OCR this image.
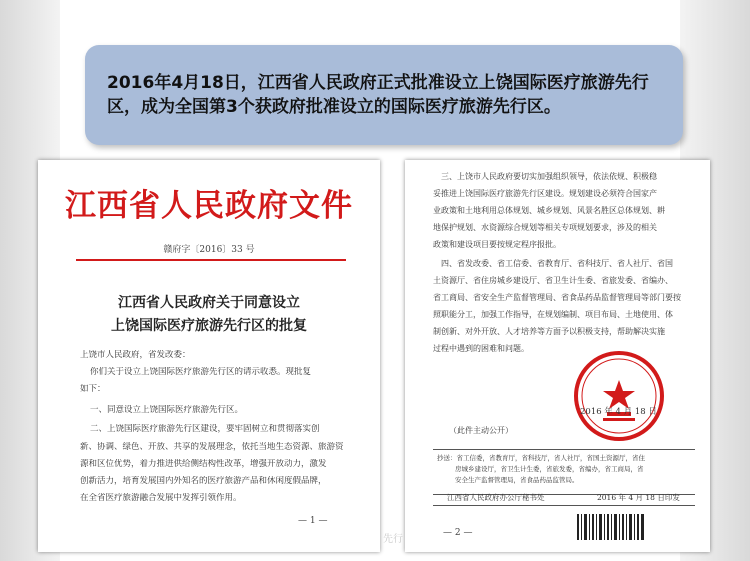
2016年4月18日，江西省人民政府正式批准设立上饶国际医疗旅游先行区，成为全国第3个获政府批准设立的国际医疗旅游先行区。

江西省人民政府文件
赣府字〔2016〕33 号
江西省人民政府关于同意设立
上饶国际医疗旅游先行区的批复
上饶市人民政府，省发改委：
你们关于设立上饶国际医疗旅游先行区的请示收悉。现批复
如下：
一、同意设立上饶国际医疗旅游先行区。
二、上饶国际医疗旅游先行区建设，要牢固树立和贯彻落实创
新、协调、绿色、开放、共享的发展理念，依托当地生态资源、旅游资
源和区位优势，着力推进供给侧结构性改革，增强开放动力，激发
创新活力，培育发展国内外知名的医疗旅游产品和休闲度假品牌，
在全省医疗旅游融合发展中发挥引领作用。
— 1 —
三、上饶市人民政府要切实加强组织领导，依法依规、积极稳
妥推进上饶国际医疗旅游先行区建设。规划建设必须符合国家产
业政策和土地利用总体规划、城乡规划、风景名胜区总体规划、耕
地保护规划、水资源综合规划等相关专项规划要求，涉及的相关
政策和建设项目要按规定程序报批。
四、省发改委、省工信委、省教育厅、省科技厅、省人社厅、省国
土资源厅、省住房城乡建设厅、省卫生计生委、省旅发委、省编办、
省工商局、省安全生产监督管理局、省食品药品监督管理局等部门要按
照职能分工，加强工作指导，在规划编制、项目布局、土地使用、体
制创新、对外开放、人才培养等方面予以积极支持，帮助解决实施
过程中遇到的困难和问题。
2016 年 4 月 18 日
（此件主动公开）
抄送：省工信委，省教育厅，省科技厅，省人社厅，省国土资源厅，省住
房城乡建设厅，省卫生计生委，省旅发委，省编办，省工商局，省
安全生产监督管理局，省食品药品监管局。
江西省人民政府办公厅秘书处	2016 年 4 月 18 日印发
— 2 —
先行
